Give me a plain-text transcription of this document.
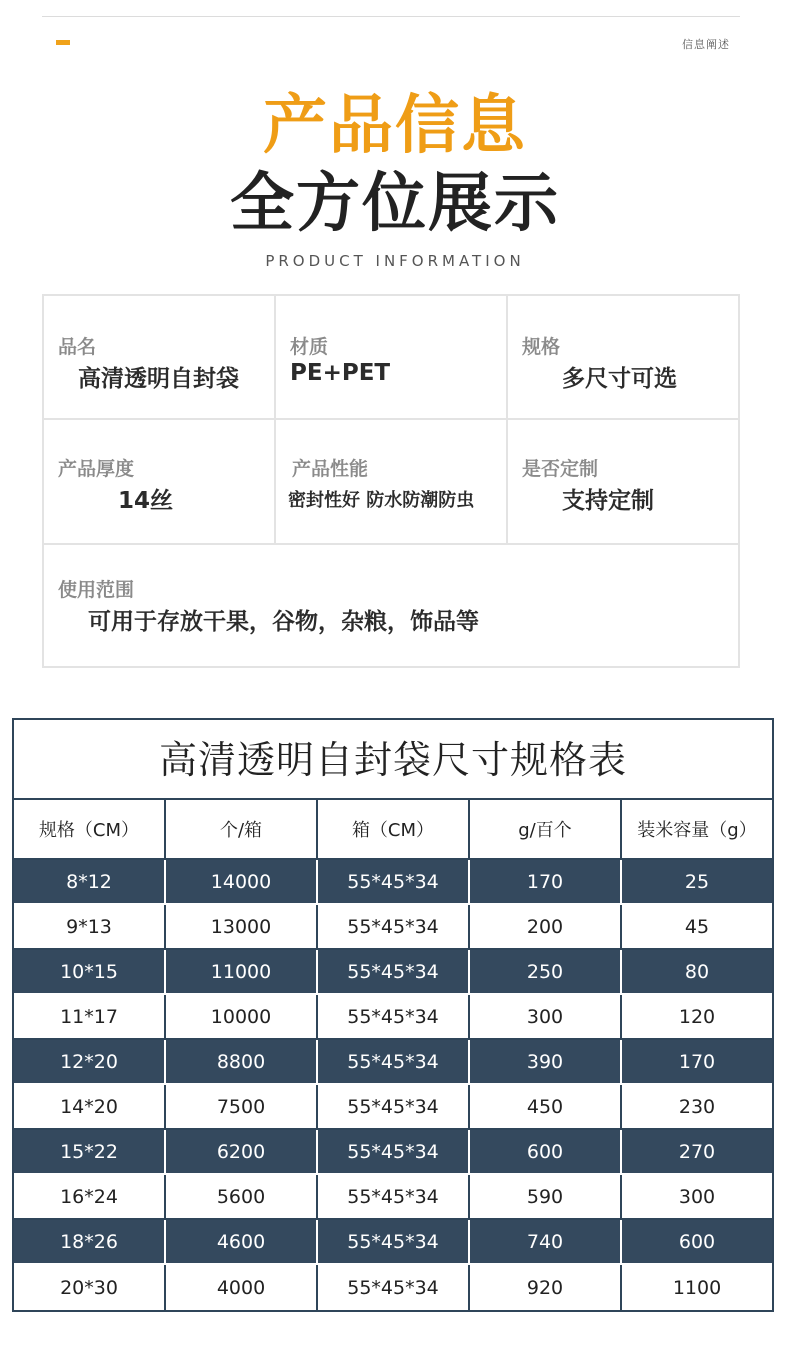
信息阐述
产品信息
全方位展示
PRODUCT INFORMATION
品名
高清透明自封袋
材质
PE+PET
规格
多尺寸可选
产品厚度
14丝
产品性能
密封性好 防水防潮防虫
是否定制
支持定制
使用范围
可用于存放干果，谷物，杂粮，饰品等
高清透明自封袋尺寸规格表
规格（CM）	个/箱	箱（CM）	g/百个	装米容量（g）
8*12	14000	55*45*34	170	25
9*13	13000	55*45*34	200	45
10*15	11000	55*45*34	250	80
11*17	10000	55*45*34	300	120
12*20	8800	55*45*34	390	170
14*20	7500	55*45*34	450	230
15*22	6200	55*45*34	600	270
16*24	5600	55*45*34	590	300
18*26	4600	55*45*34	740	600
20*30	4000	55*45*34	920	1100
